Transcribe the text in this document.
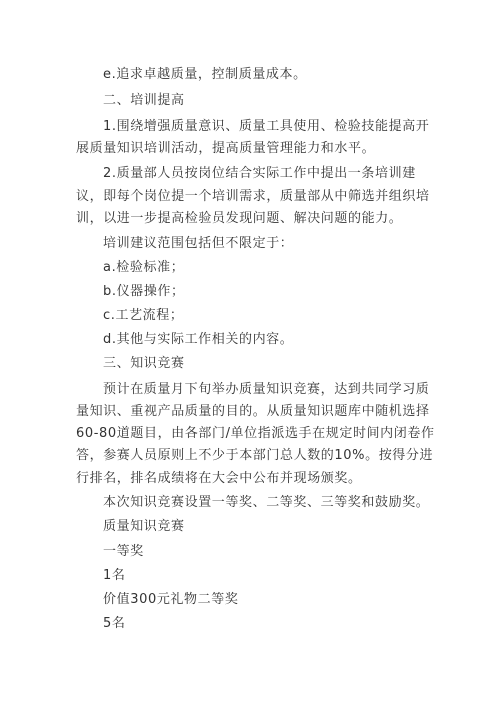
e.追求卓越质量，控制质量成本。
二、培训提高
1.围绕增强质量意识、质量工具使用、检验技能提高开
展质量知识培训活动，提高质量管理能力和水平。
2.质量部人员按岗位结合实际工作中提出一条培训建
议，即每个岗位提一个培训需求，质量部从中筛选并组织培
训，以进一步提高检验员发现问题、解决问题的能力。
培训建议范围包括但不限定于：
a.检验标准；
b.仪器操作；
c.工艺流程；
d.其他与实际工作相关的内容。
三、知识竞赛
预计在质量月下旬举办质量知识竞赛，达到共同学习质
量知识、重视产品质量的目的。从质量知识题库中随机选择
60-80道题目，由各部门/单位指派选手在规定时间内闭卷作
答，参赛人员原则上不少于本部门总人数的10%。按得分进
行排名，排名成绩将在大会中公布并现场颁奖。
本次知识竞赛设置一等奖、二等奖、三等奖和鼓励奖。
质量知识竞赛
一等奖
1名
价值300元礼物二等奖
5名
